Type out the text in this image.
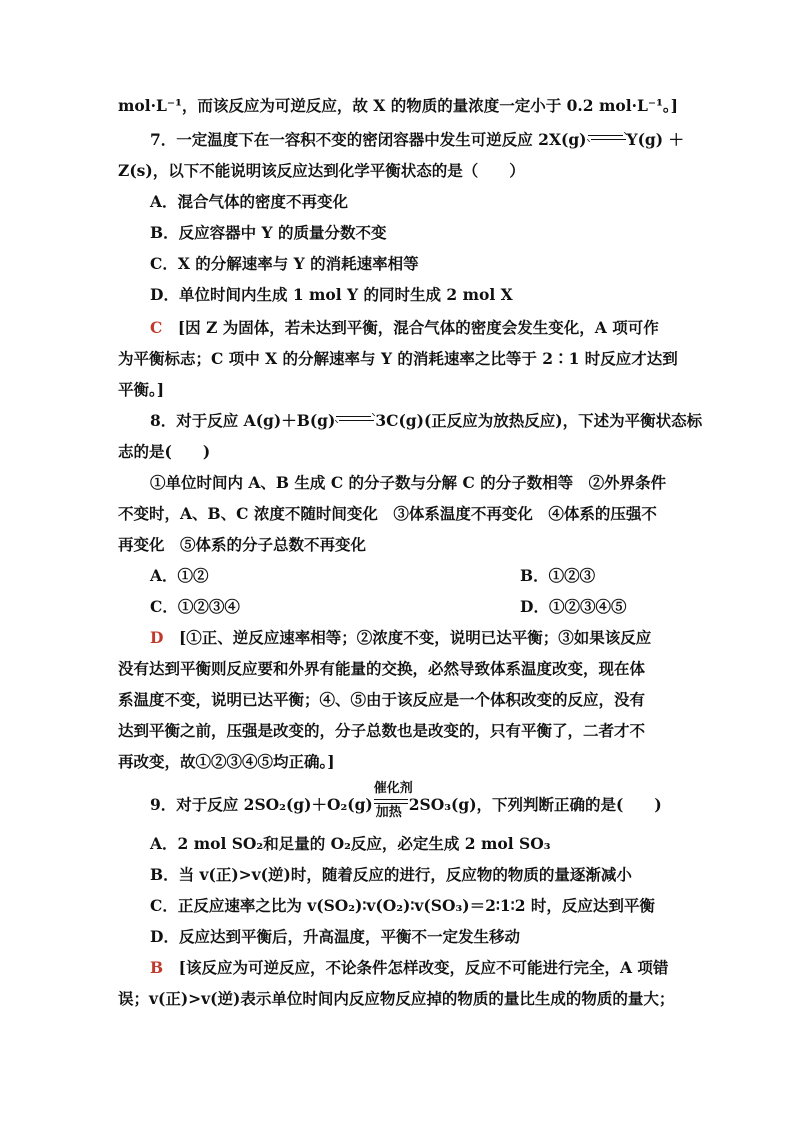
mol·L⁻¹，而该反应为可逆反应，故 X 的物质的量浓度一定小于 0.2 mol·L⁻¹。]
7．一定温度下在一容积不变的密闭容器中发生可逆反应 2X(g)	Y(g) ＋
Z(s)，以下不能说明该反应达到化学平衡状态的是（　　）
A．混合气体的密度不再变化
B．反应容器中 Y 的质量分数不变
C．X 的分解速率与 Y 的消耗速率相等
D．单位时间内生成 1 mol Y 的同时生成 2 mol X
C　[因 Z 为固体，若未达到平衡，混合气体的密度会发生变化，A 项可作
为平衡标志；C 项中 X 的分解速率与 Y 的消耗速率之比等于 2∶1 时反应才达到
平衡。]
8．对于反应 A(g)＋B(g)	3C(g)(正反应为放热反应)，下述为平衡状态标
志的是(　　)
①单位时间内 A、B 生成 C 的分子数与分解 C 的分子数相等　②外界条件
不变时，A、B、C 浓度不随时间变化　③体系温度不再变化　④体系的压强不
再变化　⑤体系的分子总数不再变化
A．①②	B．①②③
C．①②③④	D．①②③④⑤
D　[①正、逆反应速率相等；②浓度不变，说明已达平衡；③如果该反应
没有达到平衡则反应要和外界有能量的交换，必然导致体系温度改变，现在体
系温度不变，说明已达平衡；④、⑤由于该反应是一个体积改变的反应，没有
达到平衡之前，压强是改变的，分子总数也是改变的，只有平衡了，二者才不
再改变，故①②③④⑤均正确。]
9．对于反应 2SO₂(g)＋O₂(g)
催化剂
加热 2SO₃(g)，下列判断正确的是(　　)
A．2 mol SO₂和足量的 O₂反应，必定生成 2 mol SO₃
B．当 v(正)>v(逆)时，随着反应的进行，反应物的物质的量逐渐减小
C．正反应速率之比为 v(SO₂)∶v(O₂)∶v(SO₃)＝2∶1∶2 时，反应达到平衡
D．反应达到平衡后，升高温度，平衡不一定发生移动
B　[该反应为可逆反应，不论条件怎样改变，反应不可能进行完全，A 项错
误；v(正)>v(逆)表示单位时间内反应物反应掉的物质的量比生成的物质的量大；
